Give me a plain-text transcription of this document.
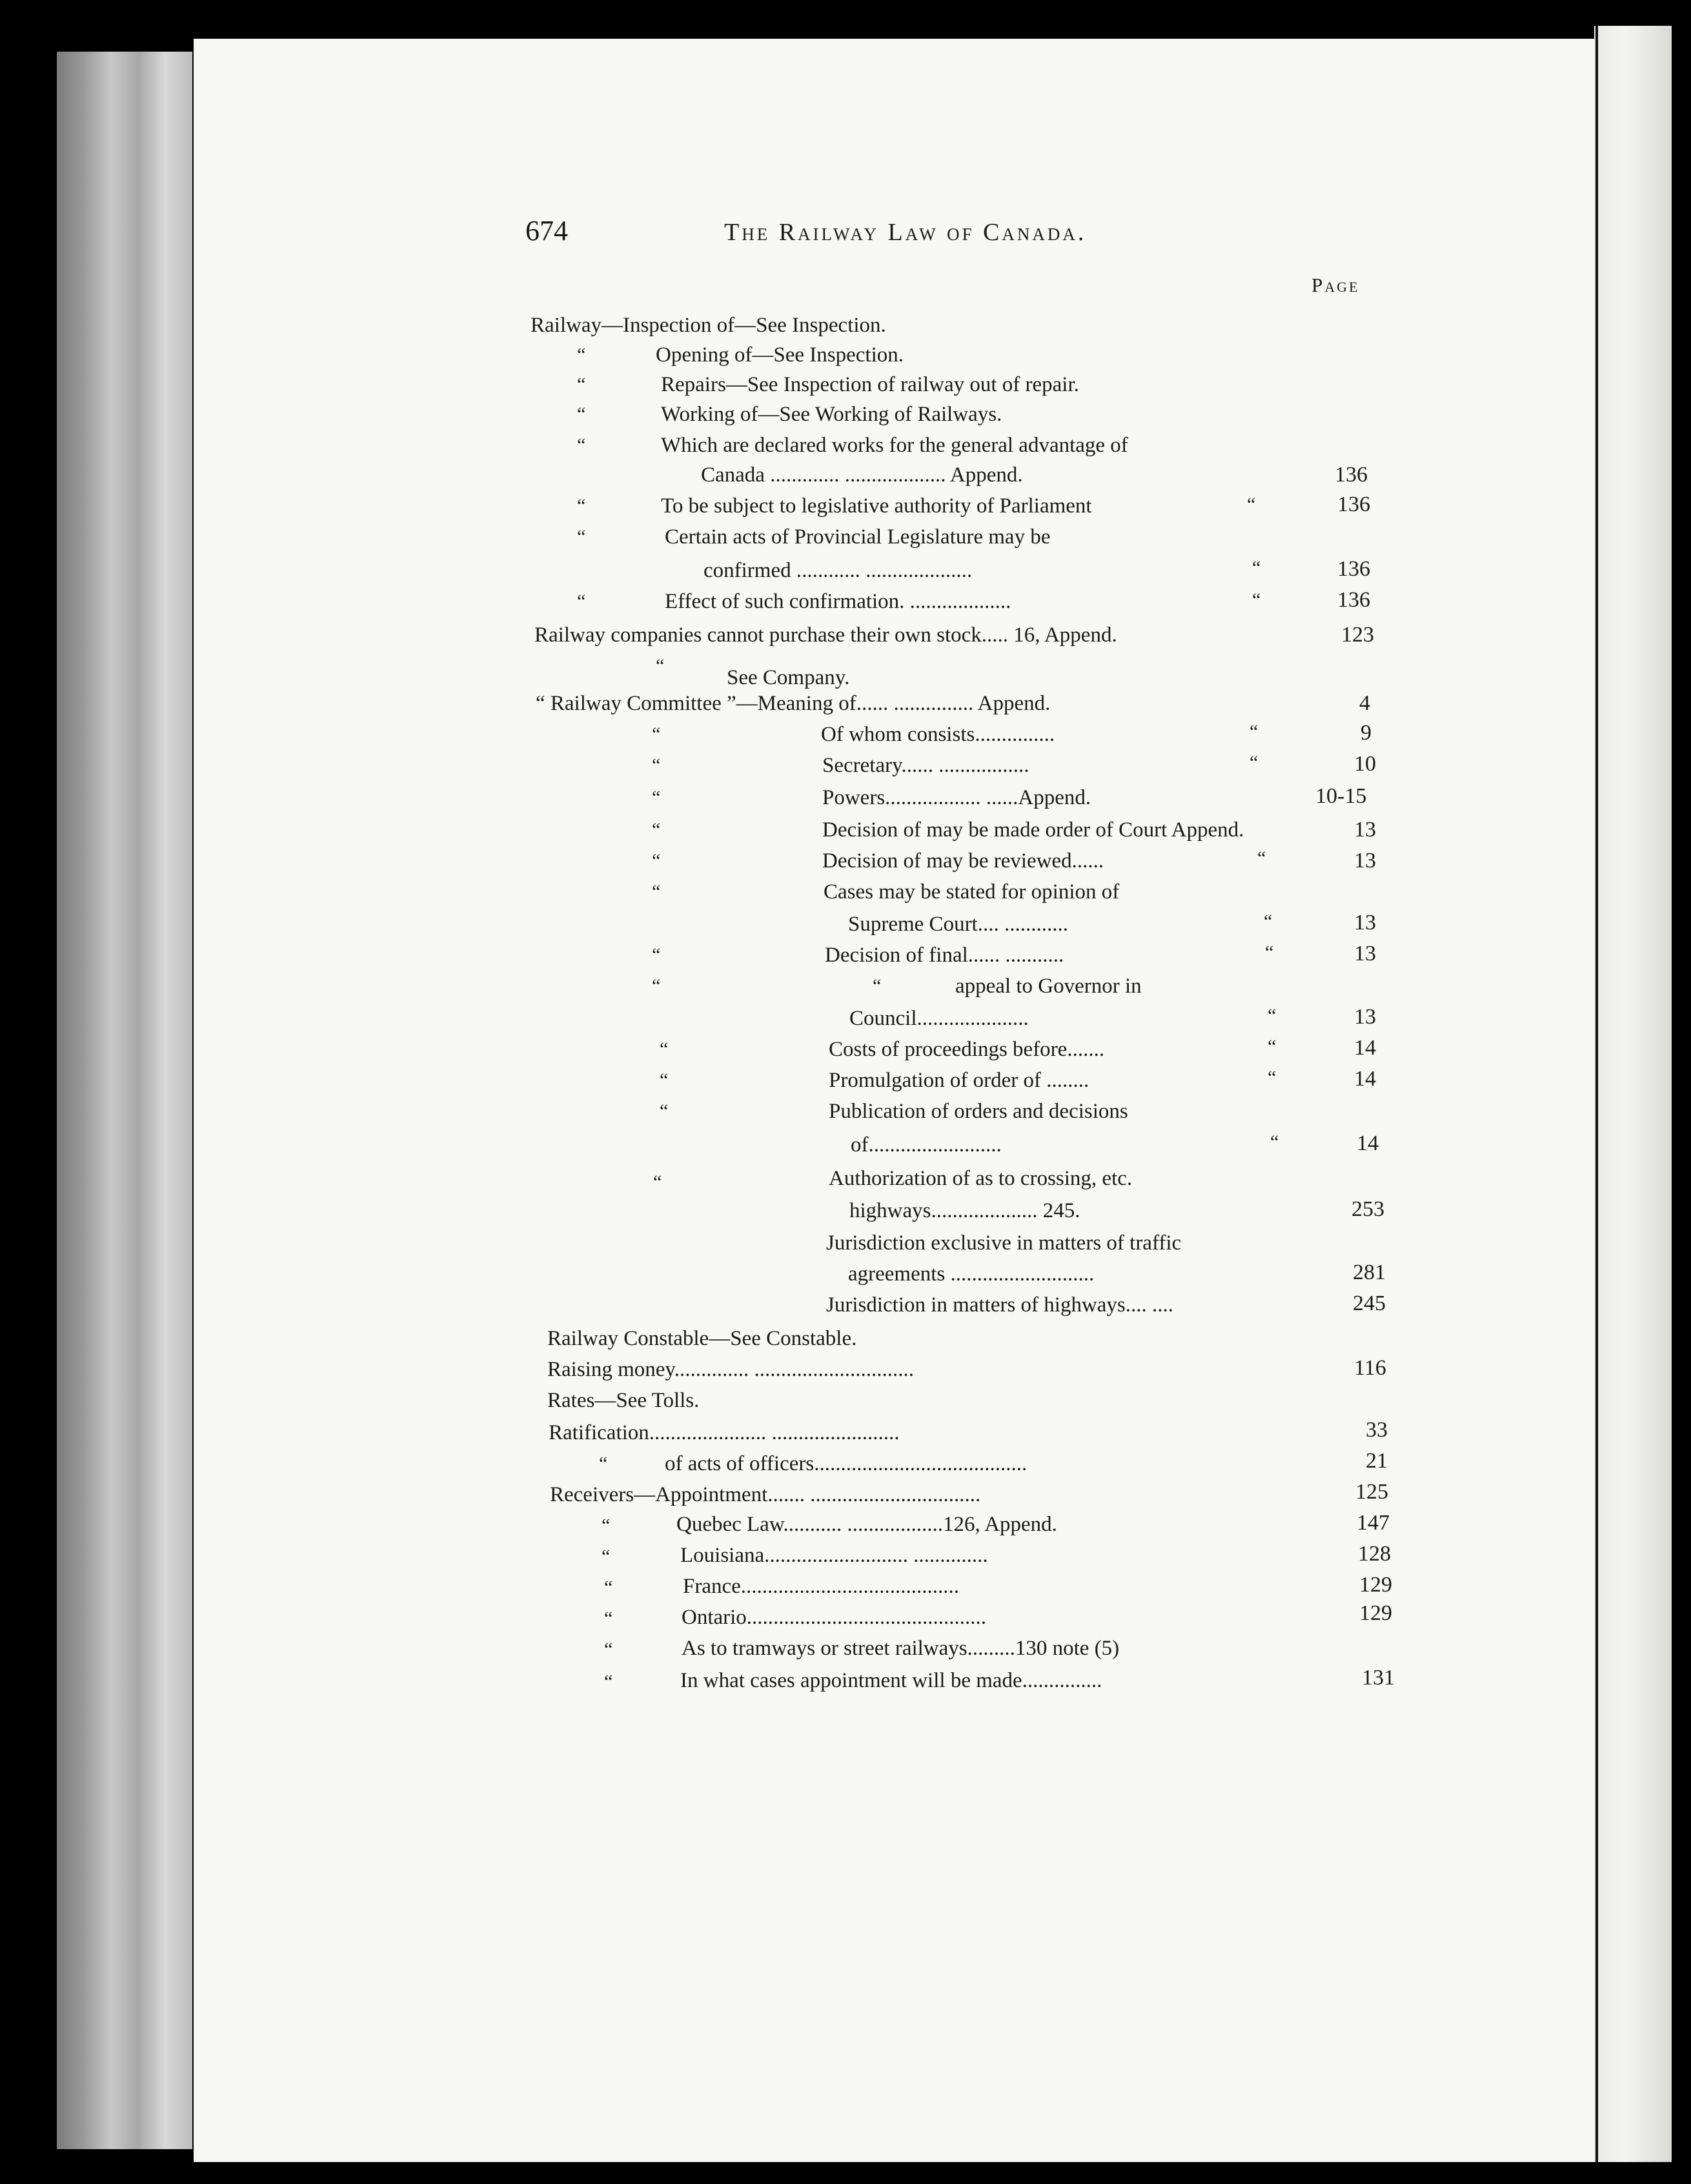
674	The Railway Law of Canada.
Page
Railway—Inspection of—See Inspection.
“	Opening of—See Inspection.
“	Repairs—See Inspection of railway out of repair.
“	Working of—See Working of Railways.
“	Which are declared works for the general advantage of
Canada ............. ................... Append.	136
“	To be subject to legislative authority of Parliament	“	136
“	Certain acts of Provincial Legislature may be
confirmed ............ ....................	“	136
“	Effect of such confirmation. ...................	“	136
Railway companies cannot purchase their own stock..... 16, Append.	123
“
See Company.
“ Railway Committee ”—Meaning of...... ............... Append.	4
“	Of whom consists...............	“	9
“	Secretary...... .................	“	10
“	Powers.................. ......Append.	10-15
“	Decision of may be made order of Court Append.	13
“	Decision of may be reviewed......	“	13
“	Cases may be stated for opinion of
Supreme Court.... ............	“	13
“	Decision of final...... ...........	“	13
“	“	appeal to Governor in
Council.....................	“	13
“	Costs of proceedings before.......	“	14
“	Promulgation of order of ........	“	14
“	Publication of orders and decisions
of.........................	“	14
“	Authorization of as to crossing, etc.
highways.................... 245.	253
Jurisdiction exclusive in matters of traffic
agreements ...........................	281
Jurisdiction in matters of highways.... ....	245
Railway Constable—See Constable.
Raising money.............. ..............................	116
Rates—See Tolls.
Ratification...................... ........................	33
“	of acts of officers........................................	21
Receivers—Appointment....... ................................	125
“	Quebec Law........... ..................126, Append.	147
“	Louisiana........................... ..............	128
“	France.........................................	129
“	Ontario.............................................	129
“	As to tramways or street railways.........130 note (5)
“	In what cases appointment will be made...............	131
